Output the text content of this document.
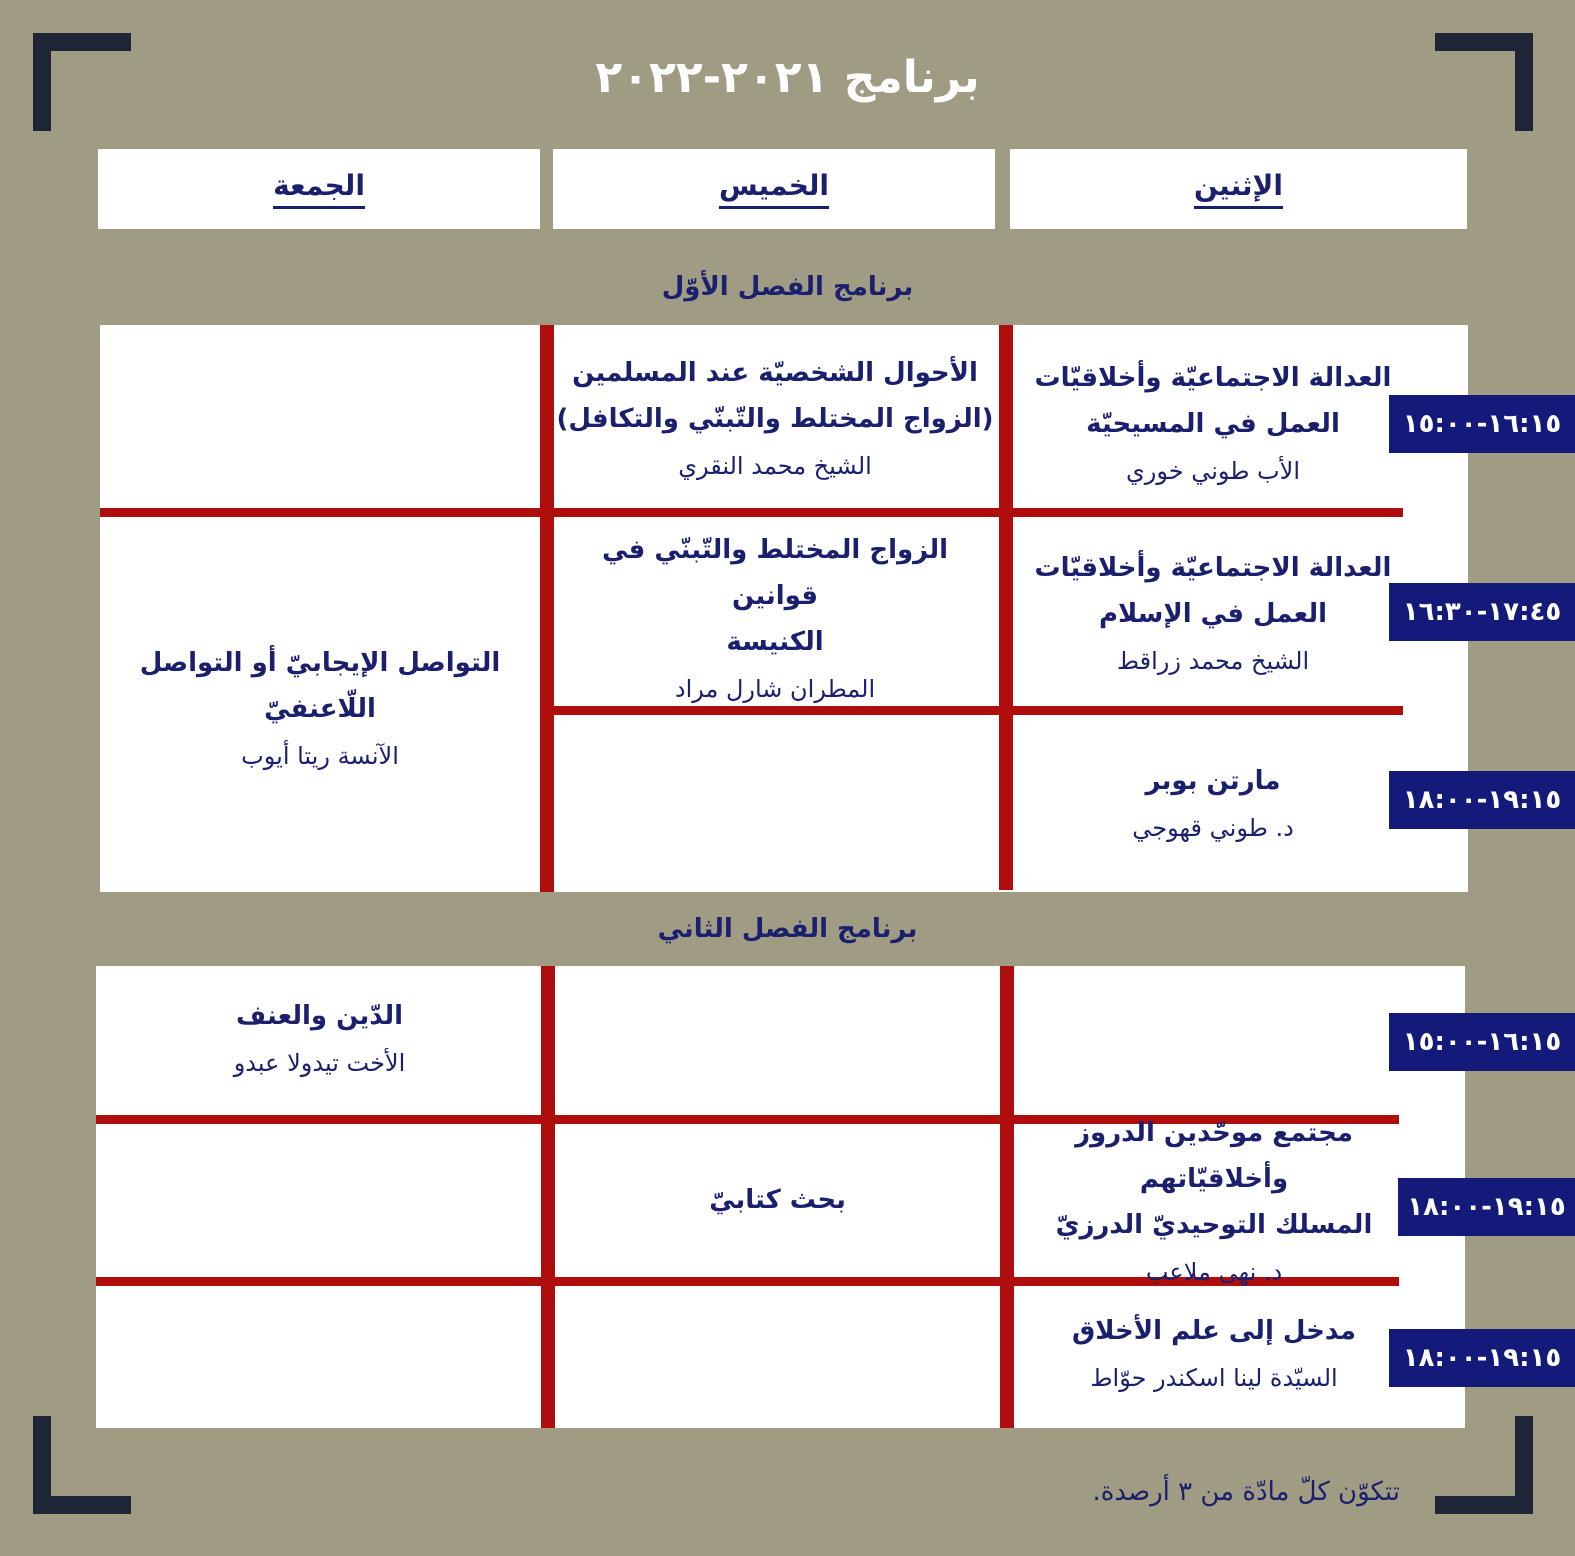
برنامج ٢٠٢١-٢٠٢٢
الجمعة	الخميس	الإثنين
برنامج الفصل الأوّل
١٦:١٥-١٥:٠٠
١٧:٤٥-١٦:٣٠
١٩:١٥-١٨:٠٠
العدالة الاجتماعيّة وأخلاقيّات
العمل في المسيحيّة
الأب طوني خوري
العدالة الاجتماعيّة وأخلاقيّات
العمل في الإسلام
الشيخ محمد زراقط
مارتن بوبر
د. طوني قهوجي
الأحوال الشخصيّة عند المسلمين
(الزواج المختلط والتّبنّي والتكافل)
الشيخ محمد النقري
الزواج المختلط والتّبنّي في قوانين
الكنيسة
المطران شارل مراد
التواصل الإيجابيّ أو التواصل اللّاعنفيّ
الآنسة ريتا أيوب
برنامج الفصل الثاني
١٦:١٥-١٥:٠٠
١٩:١٥-١٨:٠٠
١٩:١٥-١٨:٠٠
الدّين والعنف
الأخت تيدولا عبدو
مجتمع موحّدين الدروز وأخلاقيّاتهم
المسلك التوحيديّ الدرزيّ
د. نهى ملاعب
بحث كتابيّ
مدخل إلى علم الأخلاق
السيّدة لينا اسكندر حوّاط
تتكوّن كلّ مادّة من ٣ أرصدة.
